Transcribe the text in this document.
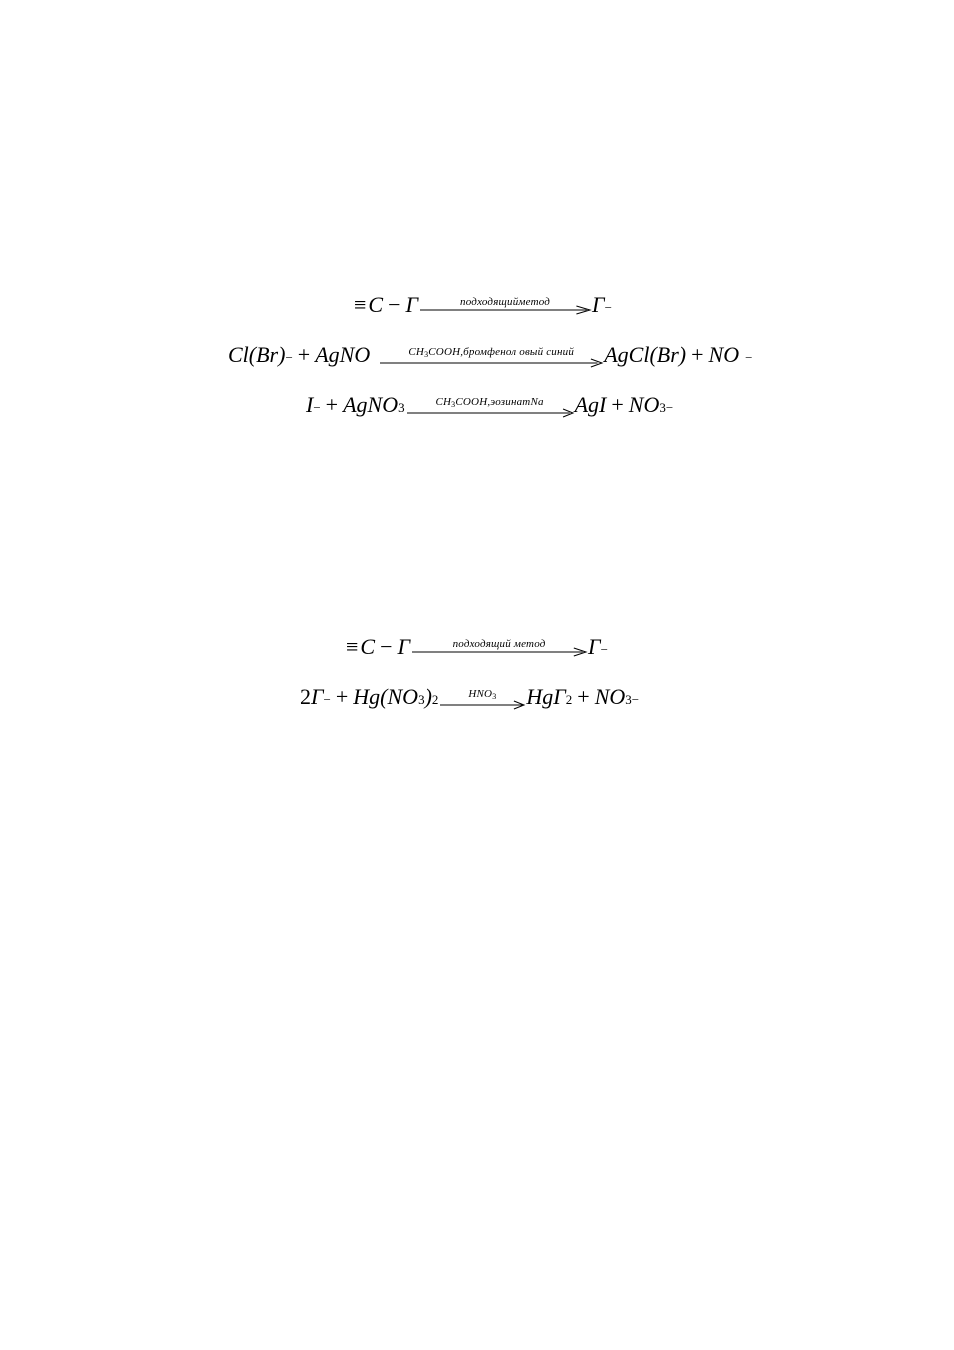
≡ C − Г	подходящийметод	Г −
Cl(Br) − + AgNO	CH3COOH,бромфенол овый синий	AgCl(Br) + NO −
I − + AgNO 3	CH3COOH,эозинатNa	AgI + NO 3 −
≡ C − Г	подходящий метод	Г −
2 Г − + Hg(NO 3 ) 2	HNO3	HgГ 2 + NO 3 −
